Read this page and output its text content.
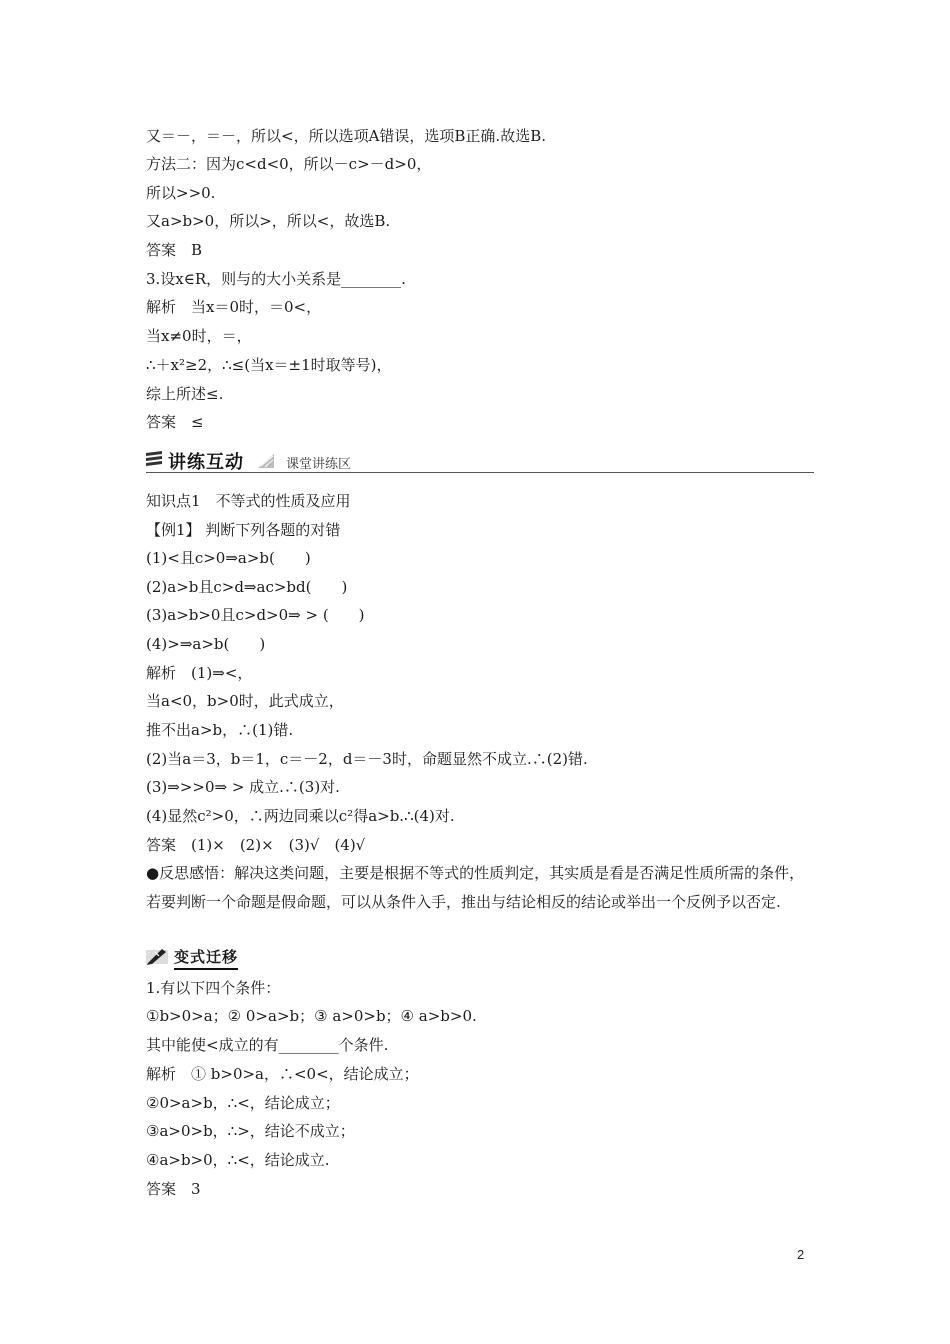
又＝－，＝－，所以<，所以选项A错误，选项B正确.故选B.
方法二：因为c<d<0，所以－c>－d>0，
所以>>0.
又a>b>0，所以>，所以<，故选B.
答案　B
3.设x∈R，则与的大小关系是________.
解析　当x＝0时，＝0<，
当x≠0时，＝，
∴＋x²≥2，∴≤(当x＝±1时取等号)，
综上所述≤.
答案　≤
讲练互动	课堂讲练区
知识点1　不等式的性质及应用
【例1】 判断下列各题的对错
(1)<且c>0⇒a>b(　　)
(2)a>b且c>d⇒ac>bd(　　)
(3)a>b>0且c>d>0⇒ > (　　)
(4)>⇒a>b(　　)
解析　(1)⇒<，
当a<0，b>0时，此式成立，
推不出a>b，∴(1)错.
(2)当a＝3，b＝1，c＝－2，d＝－3时，命题显然不成立.∴(2)错.
(3)⇒>>0⇒ > 成立.∴(3)对.
(4)显然c²>0，∴两边同乘以c²得a>b.∴(4)对.
答案　(1)×　(2)×　(3)√　(4)√
●反思感悟：解决这类问题，主要是根据不等式的性质判定，其实质是看是否满足性质所需的条件，若要判断一个命题是假命题，可以从条件入手，推出与结论相反的结论或举出一个反例予以否定.
变式迁移
1.有以下四个条件：
①b>0>a；② 0>a>b；③ a>0>b；④ a>b>0.
其中能使<成立的有________个条件.
解析　① b>0>a，∴<0<，结论成立；
②0>a>b，∴<，结论成立；
③a>0>b，∴>，结论不成立；
④a>b>0，∴<，结论成立.
答案　3
2
